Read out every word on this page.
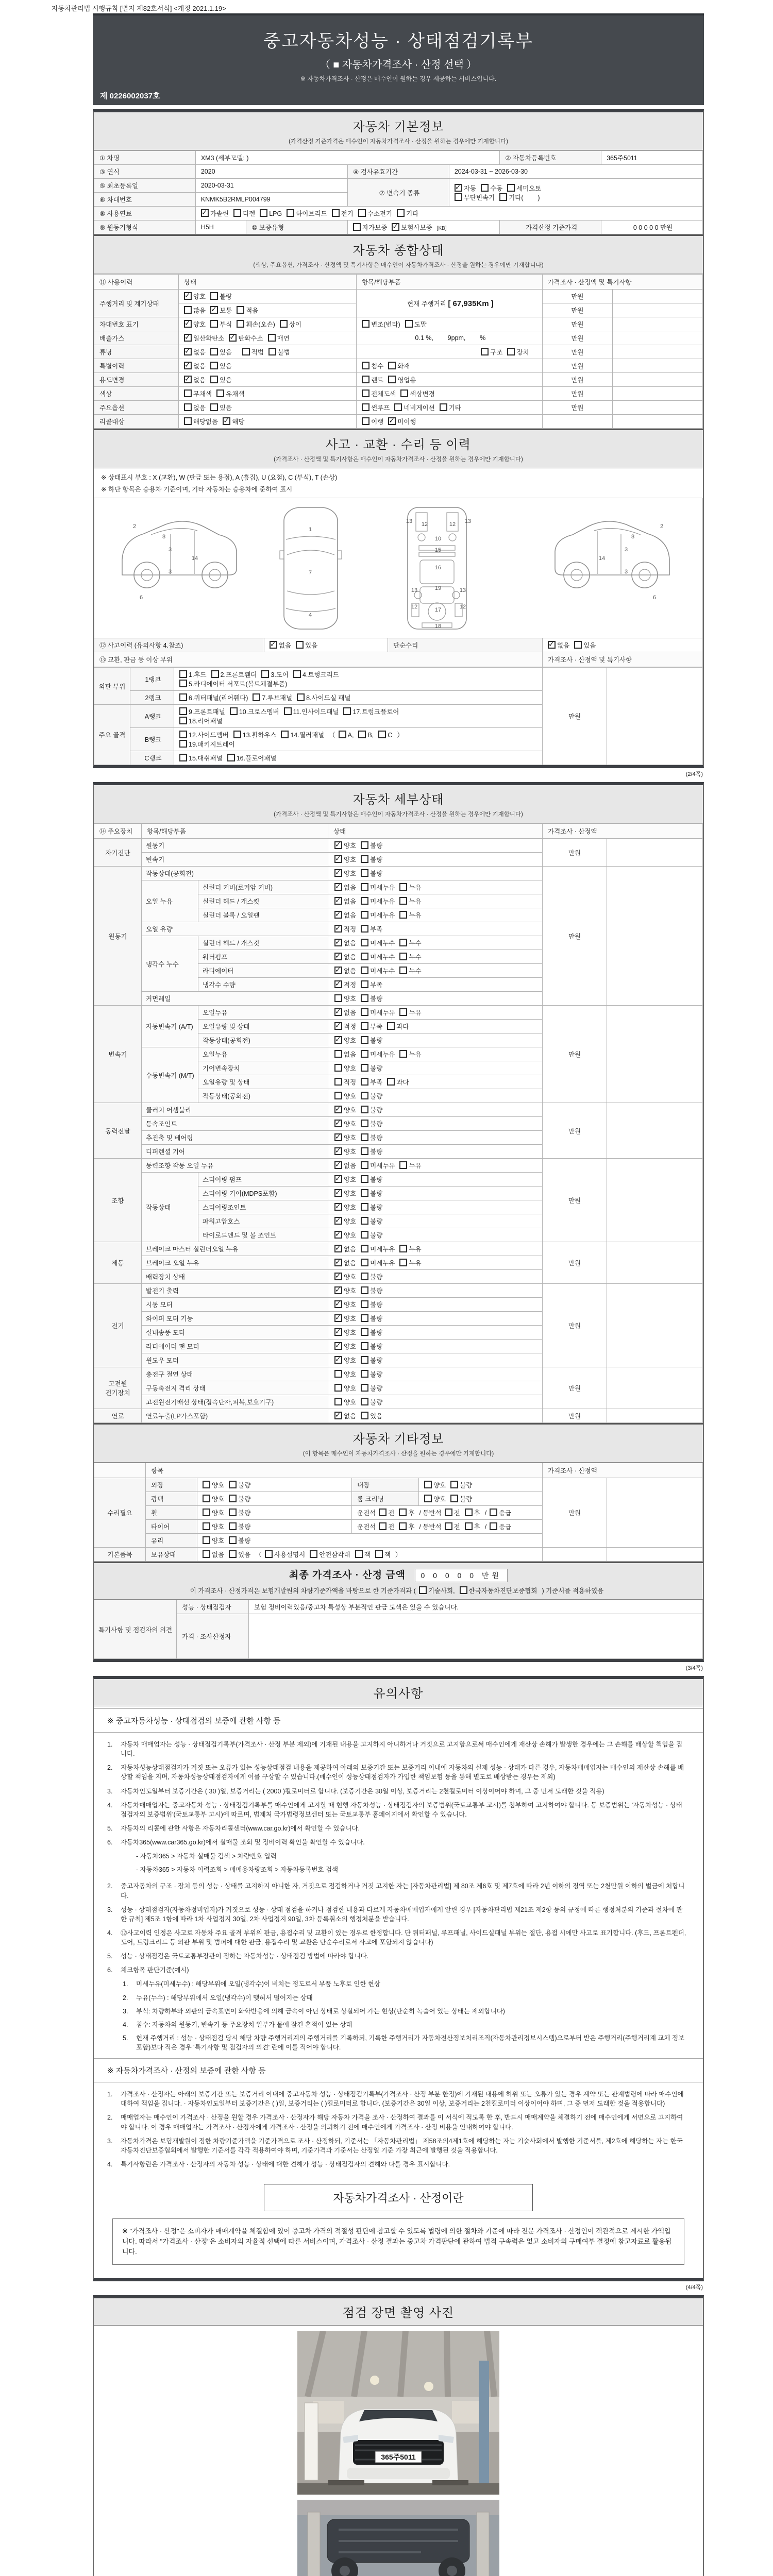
자동차관리법 시행규칙 [별지 제82호서식] <개정 2021.1.19>
중고자동차성능 · 상태점검기록부
（ ■ 자동차가격조사 · 산정 선택 ）
※ 자동차가격조사 · 산정은 매수인이 원하는 경우 제공하는 서비스입니다.
제 0226002037호
자동차 기본정보
(가격산정 기준가격은 매수인이 자동차가격조사 · 산정을 원하는 경우에만 기재합니다)
① 차명	XM3 (세부모델: )				② 자동차등록번호	365주5011
③ 연식	2020		④ 검사유효기간	2024-03-31 ~ 2026-03-30		
⑤ 최초등록일	2020-03-31		⑦ 변속기 종류	✓자동 수동 세미오토
무단변속기 기타(        )
⑥ 차대번호	KNMK5B2RMLP004799					
⑧ 사용연료	✓가솔린 디젤 LPG 하이브리드 전기 수소전기 기타
⑨ 원동기형식	H5H	⑩ 보증유형	자가보증 ✓ 보험사보증 [KB]		가격산정 기준가격	0 0 0 0 0 만원
자동차 종합상태
(색상, 주요옵션, 가격조사 · 산정액 및 특기사항은 매수인이 자동차가격조사 · 산정을 원하는 경우에만 기재합니다)
⑪ 사용이력	상태	항목/해당부품	가격조사 · 산정액 및 특기사항	
주행거리 및 계기상태	✓양호 불량	현재 주행거리 [ 67,935Km ]	만원	
	많음 ✓ 보통 적음		만원	
차대번호 표기	✓양호 부식 훼손(오손) 상이	변조(변타) 도말	만원	
배출가스	✓일산화탄소 ✓ 탄화수소 매연	0.1 %,        9ppm,        %	만원	
튜닝	✓없음 있음 적법 불법	구조 장치	만원	
특별이력	✓없음 있음	침수 화재	만원	
용도변경	✓없음 있음	렌트 영업용	만원	
색상	무채색 유채색	전체도색 색상변경	만원	
주요옵션	없음 있음	썬루프 네비게이션 기타	만원	
리콜대상	해당없음 ✓ 해당	이행 ✓ 미이행		
사고 · 교환 · 수리 등 이력
(가격조사 · 산정액 및 특기사항은 매수인이 자동차가격조사 · 산정을 원하는 경우에만 기재합니다)
※ 상태표시 부호 : X (교환), W (판금 또는 용접), A (흠집), U (요철), C (부식), T (손상)
※ 하단 항목은 승용차 기준이며, 기타 자동차는 승용차에 준하여 표시
2
8
3
14
3
6
1
7
4
13 12	12 13
10
15
16
19
13	13
12	17	12
18
2
8
3
14
3
6
⑫ 사고이력 (유의사항 4.참조)	✓없음 있음	단순수리	✓없음 있음
⑬ 교환, 판금 등 이상 부위			가격조사 · 산정액 및 특기사항
외판 부위	1랭크	1.후드 2.프론트휀더 3.도어 4.트렁크리드
5.라디에이터 서포트(볼트체결부품)	만원	
	2랭크	6.쿼터패널(리어휀다) 7.루브패널 8.사이드실 패널		
주요 골격	A랭크	9.프론트패널 10.크로스멤버 11.인사이드패널 17.트렁크플로어
18.리어패널		
	B랭크	12.사이드멤버 13.휠하우스 14.필러패널 （ A, B, C ）
19.패키지트레이		
	C랭크	15.대쉬패널 16.플로어패널		
(2/4쪽)
자동차 세부상태
(가격조사 · 산정액 및 특기사항은 매수인이 자동차가격조사 · 산정을 원하는 경우에만 기재합니다)
⑭ 주요장치	항목/해당부품		상태	가격조사 · 산정액	
자기진단	원동기	✓양호 불량	만원	
	변속기	✓양호 불량
원동기	작동상태(공회전)	✓양호 불량	만원	
	오일 누유	실린더 커버(로커암 커버)	✓없음 미세누유 누유
		실린더 헤드 / 개스킷	✓없음 미세누유 누유
		실린더 블록 / 오일팬	✓없음 미세누유 누유
	오일 유량	✓적정 부족
	냉각수 누수	실린더 헤드 / 개스킷	✓없음 미세누수 누수
		워터펌프	✓없음 미세누수 누수
		라디에이터	✓없음 미세누수 누수
		냉각수 수량	✓적정 부족
	커먼레일		양호 불량		
변속기	자동변속기 (A/T)	오일누유	✓없음 미세누유 누유	만원	
		오일유량 및 상태	✓적정 부족 과다
		작동상태(공회전)	✓양호 불량
	수동변속기 (M/T)	오일누유	없음 미세누유 누유		
		기어변속장치	양호 불량		
		오일유량 및 상태	적정 부족 과다		
		작동상태(공회전)	양호 불량		
동력전달	클러치 어셈블리	✓양호 불량	만원	
	등속조인트	✓양호 불량
	추진축 및 베어링	✓양호 불량
	디퍼렌셜 기어	✓양호 불량
조향	동력조향 작동 오일 누유	✓없음 미세누유 누유	만원	
	작동상태	스티어링 펌프	✓양호 불량
		스티어링 기어(MDPS포함)	✓양호 불량
		스티어링조인트	✓양호 불량
		파워고압호스	✓양호 불량
		타이로드엔드 및 볼 조인트	✓양호 불량
제동	브레이크 마스터 실린더오일 누유	✓없음 미세누유 누유	만원	
	브레이크 오일 누유	✓없음 미세누유 누유
	배력장치 상태	✓양호 불량
전기	발전기 출력	✓양호 불량	만원	
	시동 모터	✓양호 불량
	와이퍼 모터 기능	✓양호 불량
	실내송풍 모터	✓양호 불량
	라디에이터 팬 모터	✓양호 불량
	윈도우 모터	✓양호 불량
고전원 전기장치	충전구 절연 상태		양호 불량	만원	
	구동축전지 격리 상태		양호 불량		
	고전원전기배선 상태(접속단자,피복,보호기구)		양호 불량		
연료	연료누출(LP가스포함)	✓없음 있음	만원	
자동차 기타정보
(이 항목은 매수인이 자동차가격조사 · 산정을 원하는 경우에만 기재합니다)
	항목				가격조사 · 산정액	
수리필요	외장	양호 불량	내장	양호 불량	만원	
	광택	양호 불량	룸 크리닝	양호 불량		
	휠	양호 불량	운전석 전 후 / 동반석 전 후 / 응급			
	타이어	양호 불량	운전석 전 후 / 동반석 전 후 / 응급			
	유리	양호 불량				
기본품목	보유상태	없음 있음 （ 사용설명서 안전삼각대 잭 잭 ）				
최종 가격조사 · 산정 금액 0 0 0 0 0 만원
이 가격조사 · 산정가격은 보험개발원의 차량기준가액을 바탕으로 한 기준가격과 ( 기술사회, 한국자동차진단보증협회 ) 기준서를 적용하였음
특기사항 및 점검자의 의견	성능 · 상태점검자	보험 정비이력있음/중고차 특성상 부분적인 판금 도색은 있을 수 있습니다.
	가격 · 조사산정자	
(3/4쪽)
유의사항
※ 중고자동차성능 · 상태점검의 보증에 관한 사항 등
1.	자동차 매매업자는 성능 · 상태점검기록부(가격조사 · 산정 부분 제외)에 기재된 내용을 고지하지 아니하거나 거짓으로 고지함으로써 매수인에게 재산상 손해가 발생한 경우에는 그 손해를 배상할 책임을 집니다.
2.	자동차성능상태점검자가 거짓 또는 오류가 있는 성능상태점검 내용을 제공하여 아래의 보증기간 또는 보증거리 이내에 자동차의 실제 성능 · 상태가 다른 경우, 자동차매매업자는 매수인의 재산상 손해를 배상할 책임을 지며, 자동차성능상태점검자에게 이를 구상할 수 있습니다.(매수인이 성능상태점검자가 가입한 책임보험 등을 통해 별도로 배상받는 경우는 제외)
3.	자동차인도일부터 보증기간은 ( 30 )일, 보증거리는 ( 2000 )킬로미터로 합니다. (보증기간은 30일 이상, 보증거리는 2천킬로미터 이상이어야 하며, 그 중 먼저 도래한 것을 적용)
4.	자동차매매업자는 중고자동차 성능 · 상태점검기록부를 매수인에게 고지할 때 현행 자동차성능 · 상태점검자의 보증범위(국토교통부 고시)를 첨부하여 고지하여야 합니다. 동 보증범위는 '자동차성능 · 상태점검자의 보증범위'(국토교통부 고시)에 따르며, 법제처 국가법령정보센터 또는 국토교통부 홈페이지에서 확인할 수 있습니다.
5.	자동차의 리콜에 관한 사항은 자동차리콜센터(www.car.go.kr)에서 확인할 수 있습니다.
6.	자동차365(www.car365.go.kr)에서 실매물 조회 및 정비이력 확인을 확인할 수 있습니다.
- 자동차365 > 자동차 실매물 검색 > 차량번호 입력
- 자동차365 > 자동차 이력조회 > 매매용차량조회 > 자동차등록번호 검색
2.	중고자동차의 구조 · 장치 등의 성능 · 상태를 고지하지 아니한 자, 거짓으로 점검하거나 거짓 고지한 자는 [자동차관리법] 제 80조 제6호 및 제7호에 따라 2년 이하의 징역 또는 2천만원 이하의 벌금에 처합니다.
3.	성능 · 상태점검자(자동차정비업자)가 거짓으로 성능 · 상태 점검을 하거나 점검한 내용과 다르게 자동차매매업자에게 알린 경우 [자동차관리법 제21조 제2항 등의 규정에 따른 행정처분의 기준과 절차에 관한 규칙] 제5조 1항에 따라 1차 사업정지 30일, 2차 사업정지 90일, 3차 등록취소의 행정처분을 받습니다.
4.	⑫사고이력 인정은 사고로 자동차 주요 골격 부위의 판금, 용접수리 및 교환이 있는 경우로 한정합니다. 단 쿼터패널, 루프패널, 사이드실패널 부위는 절단, 용접 시에만 사고로 표기합니다. (후드, 프론트펜더, 도어, 트렁크리드 등 외판 부위 및 범퍼에 대한 판금, 용접수리 및 교환은 단순수리로서 사고에 포함되지 않습니다)
5.	성능 · 상태점검은 국토교통부장관이 정하는 자동차성능 · 상태점검 방법에 따라야 합니다.
6.	체크항목 판단기준(예시)
1.	미세누유(미세누수) : 해당부위에 오일(냉각수)이 비치는 정도로서 부품 노후로 인한 현상
2.	누유(누수) : 해당부위에서 오일(냉각수)이 맺혀서 떨어지는 상태
3.	부식: 차량하부와 외판의 금속표면이 화학반응에 의해 금속이 아닌 상태로 상실되어 가는 현상(단순히 녹슬어 있는 상태는 제외합니다)
4.	침수: 자동차의 원동기, 변속기 등 주요장치 일부가 물에 잠긴 흔적이 있는 상태
5.	현재 주행거리 : 성능 · 상태점검 당시 해당 차량 주행거리계의 주행거리를 기록하되, 기록한 주행거리가 자동차전산정보처리조직(자동차관리정보시스템)으로부터 받은 주행거리(주행거리계 교체 정보 포함)보다 적은 경우 '특기사항 및 점검자의 의견' 란에 이를 적어야 합니다.
※ 자동차가격조사 · 산정의 보증에 관한 사항 등
1.	가격조사 · 산정자는 아래의 보증기간 또는 보증거리 이내에 중고자동차 성능 · 상태점검기록부(가격조사 · 산정 부분 한정)에 기재된 내용에 허위 또는 오류가 있는 경우 계약 또는 관계법령에 따라 매수인에 대하여 책임을 집니다. · 자동차인도일부터 보증기간은 ( )일, 보증거리는 ( )킬로미터로 합니다. (보증기간은 30일 이상, 보증거리는 2천킬로미터 이상이어야 하며, 그 중 먼저 도래한 것을 적용합니다)
2.	매매업자는 매수인이 가격조사 · 산정을 원할 경우 가격조사 · 산정자가 해당 자동차 가격을 조사 · 산정하여 결과를 이 서식에 적도록 한 후, 반드시 매매계약을 체결하기 전에 매수인에게 서면으로 고지하여야 합니다. 이 경우 매매업자는 가격조사 · 산정자에게 가격조사 · 산정을 의뢰하기 전에 매수인에게 가격조사 · 산정 비용을 안내하여야 합니다.
3.	자동차가격은 보험개발원이 정한 차량기준가액을 기준가격으로 조사 · 산정하되, 기준서는 「자동차관리법」 제58조의4제1호에 해당하는 자는 기술사회에서 발행한 기준서를, 제2호에 해당하는 자는 한국자동차진단보증협회에서 발행한 기준서를 각각 적용하여야 하며, 기준가격과 기준서는 산정일 기준 가장 최근에 발행된 것을 적용합니다.
4.	특기사항란은 가격조사 · 산정자의 자동차 성능 · 상태에 대한 견해가 성능 · 상태점검자의 견해와 다를 경우 표시합니다.
자동차가격조사 · 산정이란
※ "가격조사 · 산정"은 소비자가 매매계약을 체결함에 있어 중고차 가격의 적절성 판단에 참고할 수 있도록 법령에 의한 절차와 기준에 따라 전문 가격조사 · 산정인이 객관적으로 제시한 가액입니다. 따라서 "가격조사 · 산정"은 소비자의 자율적 선택에 따른 서비스이며, 가격조사 · 산정 결과는 중고차 가격판단에 관하여 법적 구속력은 없고 소비자의 구매여부 결정에 참고자료로 활용됩니다.
(4/4쪽)
점검 장면 촬영 사진
365주5011
